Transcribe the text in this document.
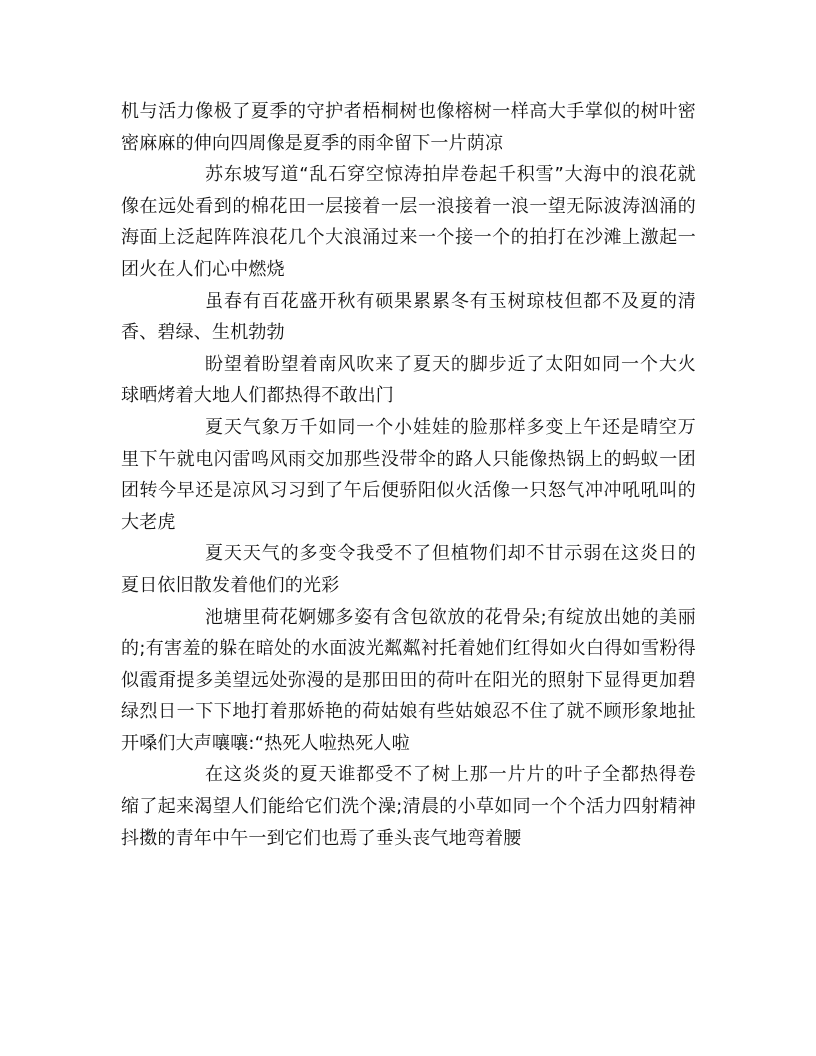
机与活力像极了夏季的守护者梧桐树也像榕树一样高大手掌似的树叶密密麻麻的伸向四周像是夏季的雨伞留下一片荫凉

苏东坡写道“乱石穿空惊涛拍岸卷起千积雪”大海中的浪花就像在远处看到的棉花田一层接着一层一浪接着一浪一望无际波涛汹涌的海面上泛起阵阵浪花几个大浪涌过来一个接一个的拍打在沙滩上激起一团火在人们心中燃烧

虽春有百花盛开秋有硕果累累冬有玉树琼枝但都不及夏的清香、碧绿、生机勃勃

盼望着盼望着南风吹来了夏天的脚步近了太阳如同一个大火球晒烤着大地人们都热得不敢出门

夏天气象万千如同一个小娃娃的脸那样多变上午还是晴空万里下午就电闪雷鸣风雨交加那些没带伞的路人只能像热锅上的蚂蚁一团团转今早还是凉风习习到了午后便骄阳似火活像一只怒气冲冲吼吼叫的大老虎

夏天天气的多变令我受不了但植物们却不甘示弱在这炎日的夏日依旧散发着他们的光彩

池塘里荷花婀娜多姿有含包欲放的花骨朵;有绽放出她的美丽的;有害羞的躲在暗处的水面波光粼粼衬托着她们红得如火白得如雪粉得似霞甭提多美望远处弥漫的是那田田的荷叶在阳光的照射下显得更加碧绿烈日一下下地打着那娇艳的荷姑娘有些姑娘忍不住了就不顾形象地扯开嗓们大声嚷嚷:“热死人啦热死人啦

在这炎炎的夏天谁都受不了树上那一片片的叶子全都热得卷缩了起来渴望人们能给它们洗个澡;清晨的小草如同一个个活力四射精神抖擞的青年中午一到它们也焉了垂头丧气地弯着腰
